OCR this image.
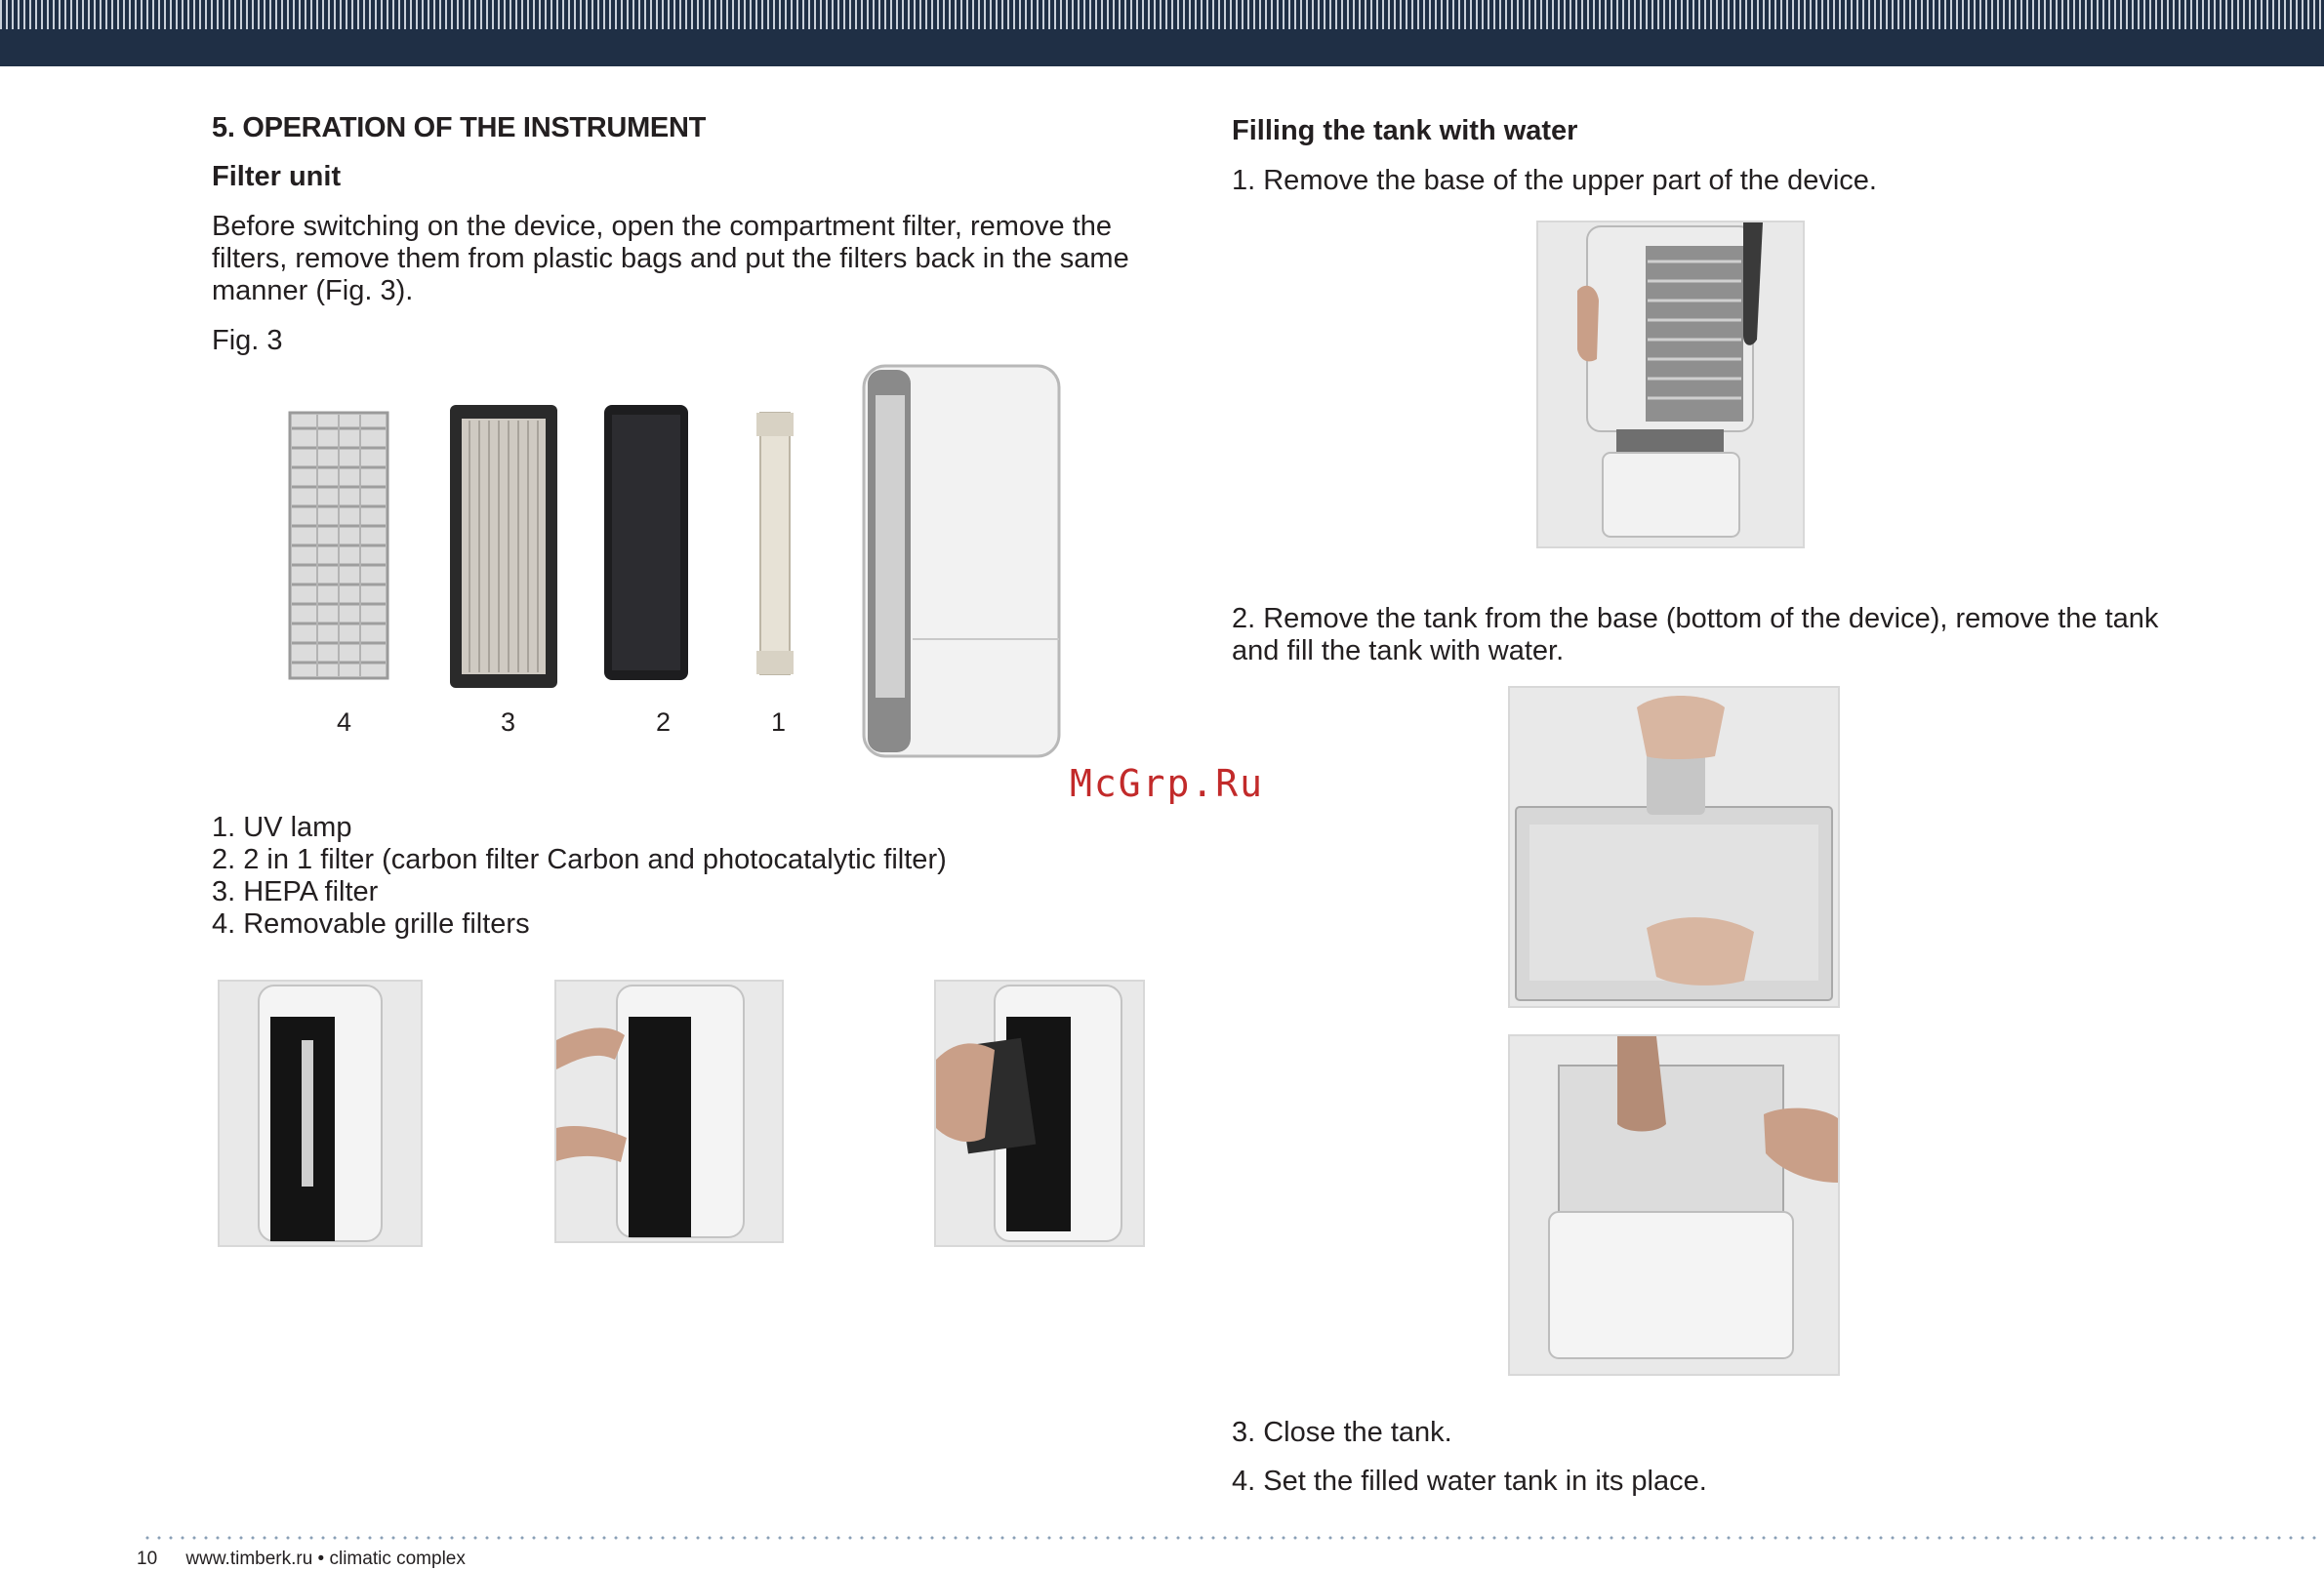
5. OPERATION OF THE INSTRUMENT
Filter unit
Before switching on the device, open the compartment filter, remove the
filters, remove them from plastic bags and put the filters back in the same
manner (Fig. 3).
Fig. 3
4	3	2	1
1. UV lamp
2. 2 in 1 filter (carbon filter Carbon and photocatalytic filter)
3. HEPA filter
4. Removable grille filters
Filling the tank with water
1. Remove the base of the upper part of the device.
2. Remove the tank from the base (bottom of the device), remove the tank
and fill the tank with water.
3. Close the tank.
4. Set the filled water tank in its place.
McGrp.Ru
10 www.timberk.ru • climatic complex
